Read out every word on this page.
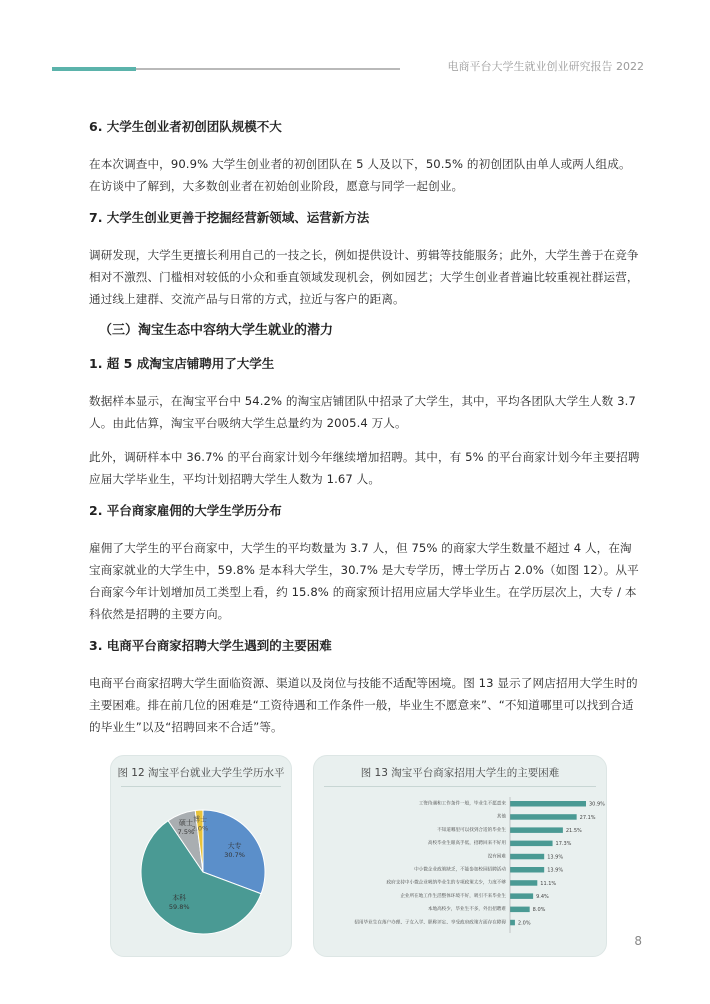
电商平台大学生就业创业研究报告 2022
6. 大学生创业者初创团队规模不大

在本次调查中，90.9% 大学生创业者的初创团队在 5 人及以下，50.5% 的初创团队由单人或两人组成。在访谈中了解到，大多数创业者在初始创业阶段，愿意与同学一起创业。

7. 大学生创业更善于挖掘经营新领域、运营新方法

调研发现，大学生更擅长利用自己的一技之长，例如提供设计、剪辑等技能服务；此外，大学生善于在竞争相对不激烈、门槛相对较低的小众和垂直领域发现机会，例如园艺；大学生创业者普遍比较重视社群运营，通过线上建群、交流产品与日常的方式，拉近与客户的距离。

（三）淘宝生态中容纳大学生就业的潜力
1. 超 5 成淘宝店铺聘用了大学生

数据样本显示，在淘宝平台中 54.2% 的淘宝店铺团队中招录了大学生，其中，平均各团队大学生人数 3.7 人。由此估算，淘宝平台吸纳大学生总量约为 2005.4 万人。

此外，调研样本中 36.7% 的平台商家计划今年继续增加招聘。其中，有 5% 的平台商家计划今年主要招聘应届大学毕业生，平均计划招聘大学生人数为 1.67 人。

2. 平台商家雇佣的大学生学历分布

雇佣了大学生的平台商家中，大学生的平均数量为 3.7 人，但 75% 的商家大学生数量不超过 4 人，在淘宝商家就业的大学生中，59.8% 是本科大学生，30.7% 是大专学历，博士学历占 2.0%（如图 12）。从平台商家今年计划增加员工类型上看，约 15.8% 的商家预计招用应届大学毕业生。在学历层次上，大专 / 本科依然是招聘的主要方向。

3. 电商平台商家招聘大学生遇到的主要困难

电商平台商家招聘大学生面临资源、渠道以及岗位与技能不适配等困境。图 13 显示了网店招用大学生时的主要困难。排在前几位的困难是“工资待遇和工作条件一般，毕业生不愿意来”、“不知道哪里可以找到合适的毕业生”以及“招聘回来不合适”等。

图 12 淘宝平台就业大学生学历水平
大专
30.7%
本科
59.8%
硕士
7.5%
博士
2.0%
图 13 淘宝平台商家招用大学生的主要困难
工资待遇和工作条件一般，毕业生不愿意来	30.9%
其他	27.1%
不知道哪里可以找到合适的毕业生	21.5%
高校毕业生眼高手低，招聘回来不好用	17.3%
没有困难	13.9%
中小微企业政策缺乏，不能参加校园招聘活动	13.9%
政府支持中小微企业吸纳毕业生的专项政策太少，力度不够	11.1%
企业所在地工作生活整体环境不好，吸引不来毕业生	9.4%
本地高校少，毕业生不多，外出招聘难	8.0%
招用毕业生在落户办理、子女入学、职称评定、享受政府政策方面存在障碍 2.0%
8
